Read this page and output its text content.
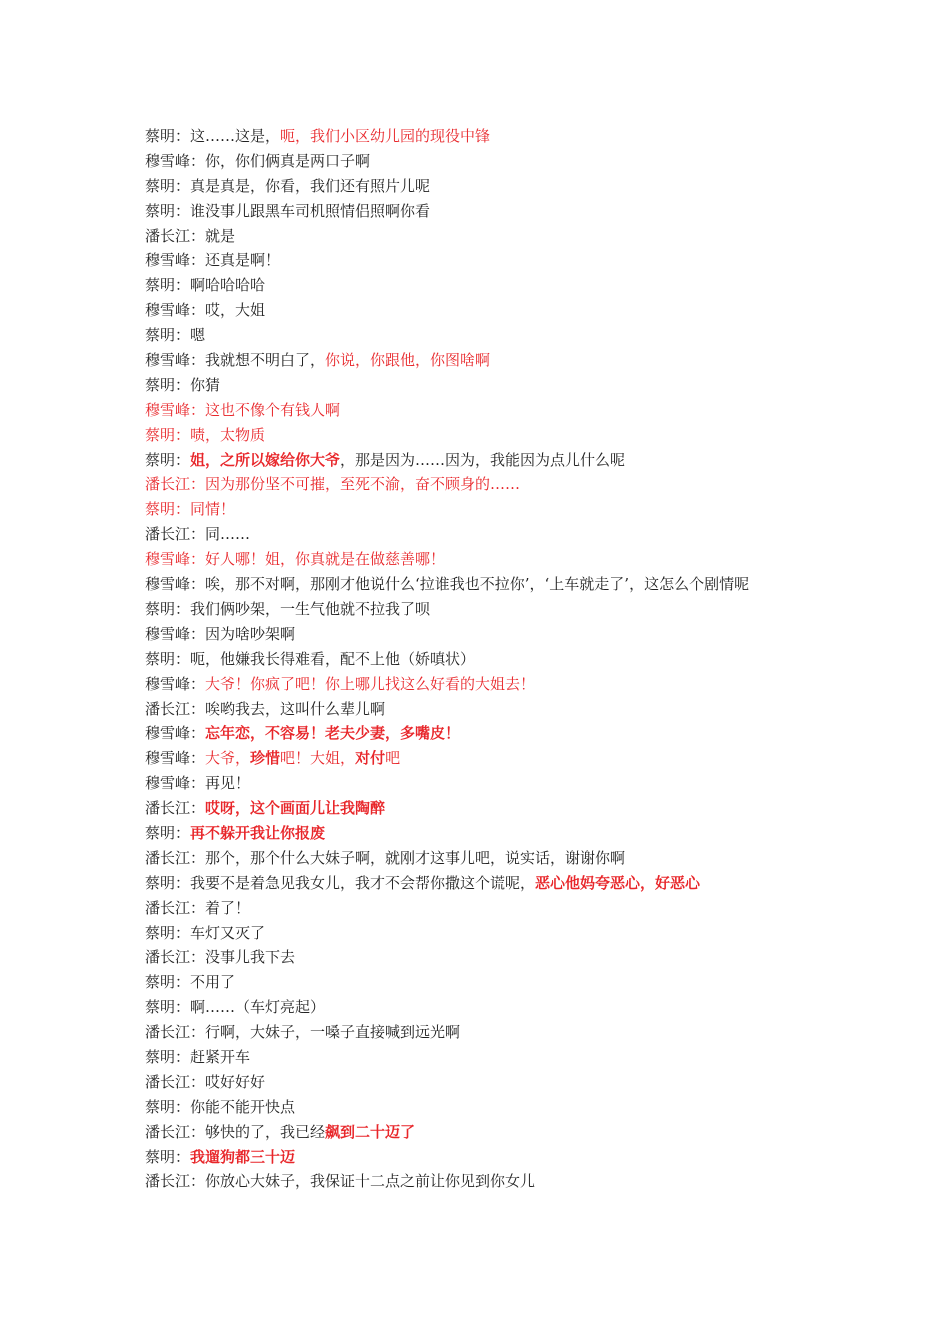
蔡明：这……这是，呃，我们小区幼儿园的现役中锋
穆雪峰：你，你们俩真是两口子啊
蔡明：真是真是，你看，我们还有照片儿呢
蔡明：谁没事儿跟黑车司机照情侣照啊你看
潘长江：就是
穆雪峰：还真是啊！
蔡明：啊哈哈哈哈
穆雪峰：哎，大姐
蔡明：嗯
穆雪峰：我就想不明白了，你说，你跟他，你图啥啊
蔡明：你猜
穆雪峰：这也不像个有钱人啊
蔡明：啧，太物质
蔡明：姐，之所以嫁给你大爷，那是因为……因为，我能因为点儿什么呢
潘长江：因为那份坚不可摧，至死不渝，奋不顾身的……
蔡明：同情！
潘长江：同……
穆雪峰：好人哪！姐，你真就是在做慈善哪！
穆雪峰：唉，那不对啊，那刚才他说什么‘拉谁我也不拉你’，‘上车就走了’，这怎么个剧情呢
蔡明：我们俩吵架，一生气他就不拉我了呗
穆雪峰：因为啥吵架啊
蔡明：呃，他嫌我长得难看，配不上他（娇嗔状）
穆雪峰：大爷！你疯了吧！你上哪儿找这么好看的大姐去！
潘长江：唉哟我去，这叫什么辈儿啊
穆雪峰：忘年恋，不容易！老夫少妻，多嘴皮！
穆雪峰：大爷，珍惜吧！大姐，对付吧
穆雪峰：再见！
潘长江：哎呀，这个画面儿让我陶醉
蔡明：再不躲开我让你报废
潘长江：那个，那个什么大妹子啊，就刚才这事儿吧，说实话，谢谢你啊
蔡明：我要不是着急见我女儿，我才不会帮你撒这个谎呢，恶心他妈夸恶心，好恶心
潘长江：着了！
蔡明：车灯又灭了
潘长江：没事儿我下去
蔡明：不用了
蔡明：啊……（车灯亮起）
潘长江：行啊，大妹子，一嗓子直接喊到远光啊
蔡明：赶紧开车
潘长江：哎好好好
蔡明：你能不能开快点
潘长江：够快的了，我已经飙到二十迈了
蔡明：我遛狗都三十迈
潘长江：你放心大妹子，我保证十二点之前让你见到你女儿
